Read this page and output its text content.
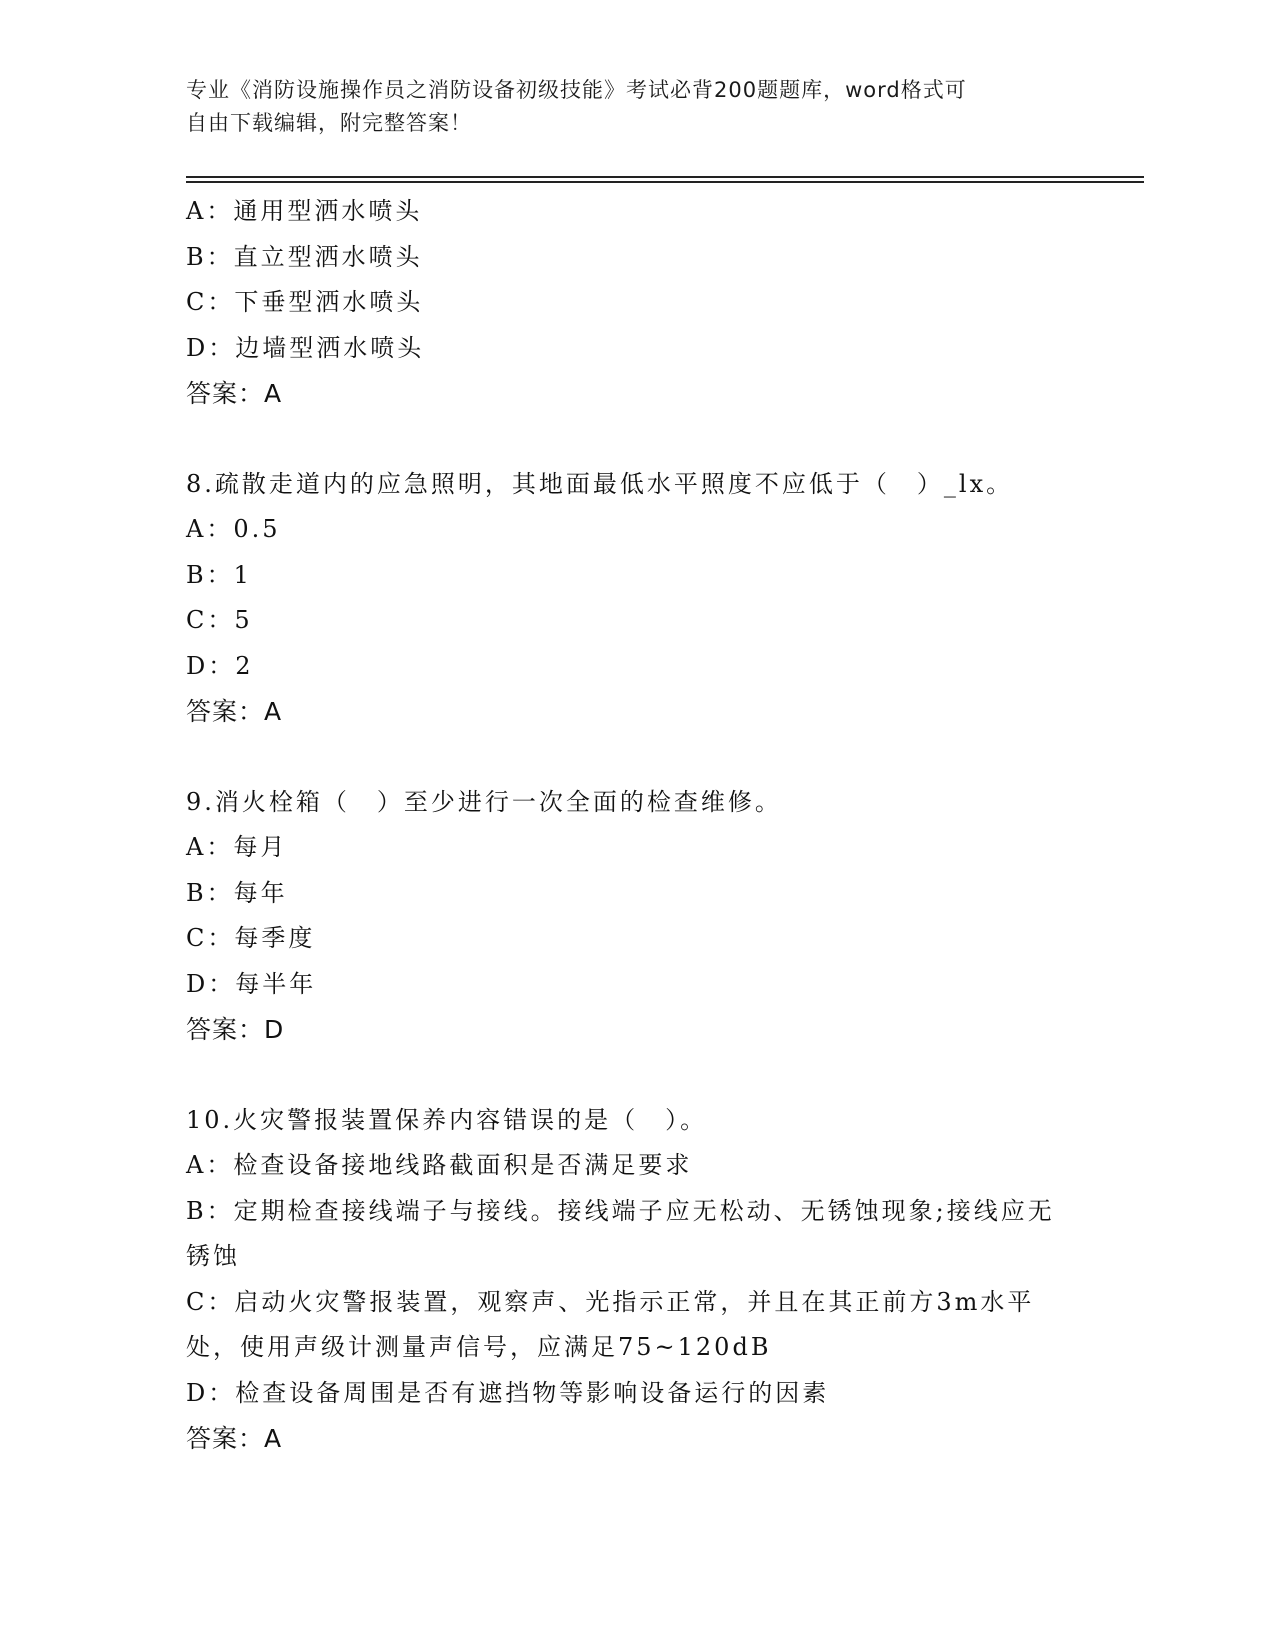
专业《消防设施操作员之消防设备初级技能》考试必背200题题库，word格式可
自由下载编辑，附完整答案！
A：通用型洒水喷头
B：直立型洒水喷头
C：下垂型洒水喷头
D：边墙型洒水喷头
答案：A
8.疏散走道内的应急照明，其地面最低水平照度不应低于（　）_lx。
A：0.5
B：1
C：5
D：2
答案：A
9.消火栓箱（　）至少进行一次全面的检查维修。
A：每月
B：每年
C：每季度
D：每半年
答案：D
10.火灾警报装置保养内容错误的是（　）。
A：检查设备接地线路截面积是否满足要求
B：定期检查接线端子与接线。接线端子应无松动、无锈蚀现象;接线应无锈蚀
C：启动火灾警报装置，观察声、光指示正常，并且在其正前方3m水平处，使用声级计测量声信号，应满足75~120dB
D：检查设备周围是否有遮挡物等影响设备运行的因素
答案：A
